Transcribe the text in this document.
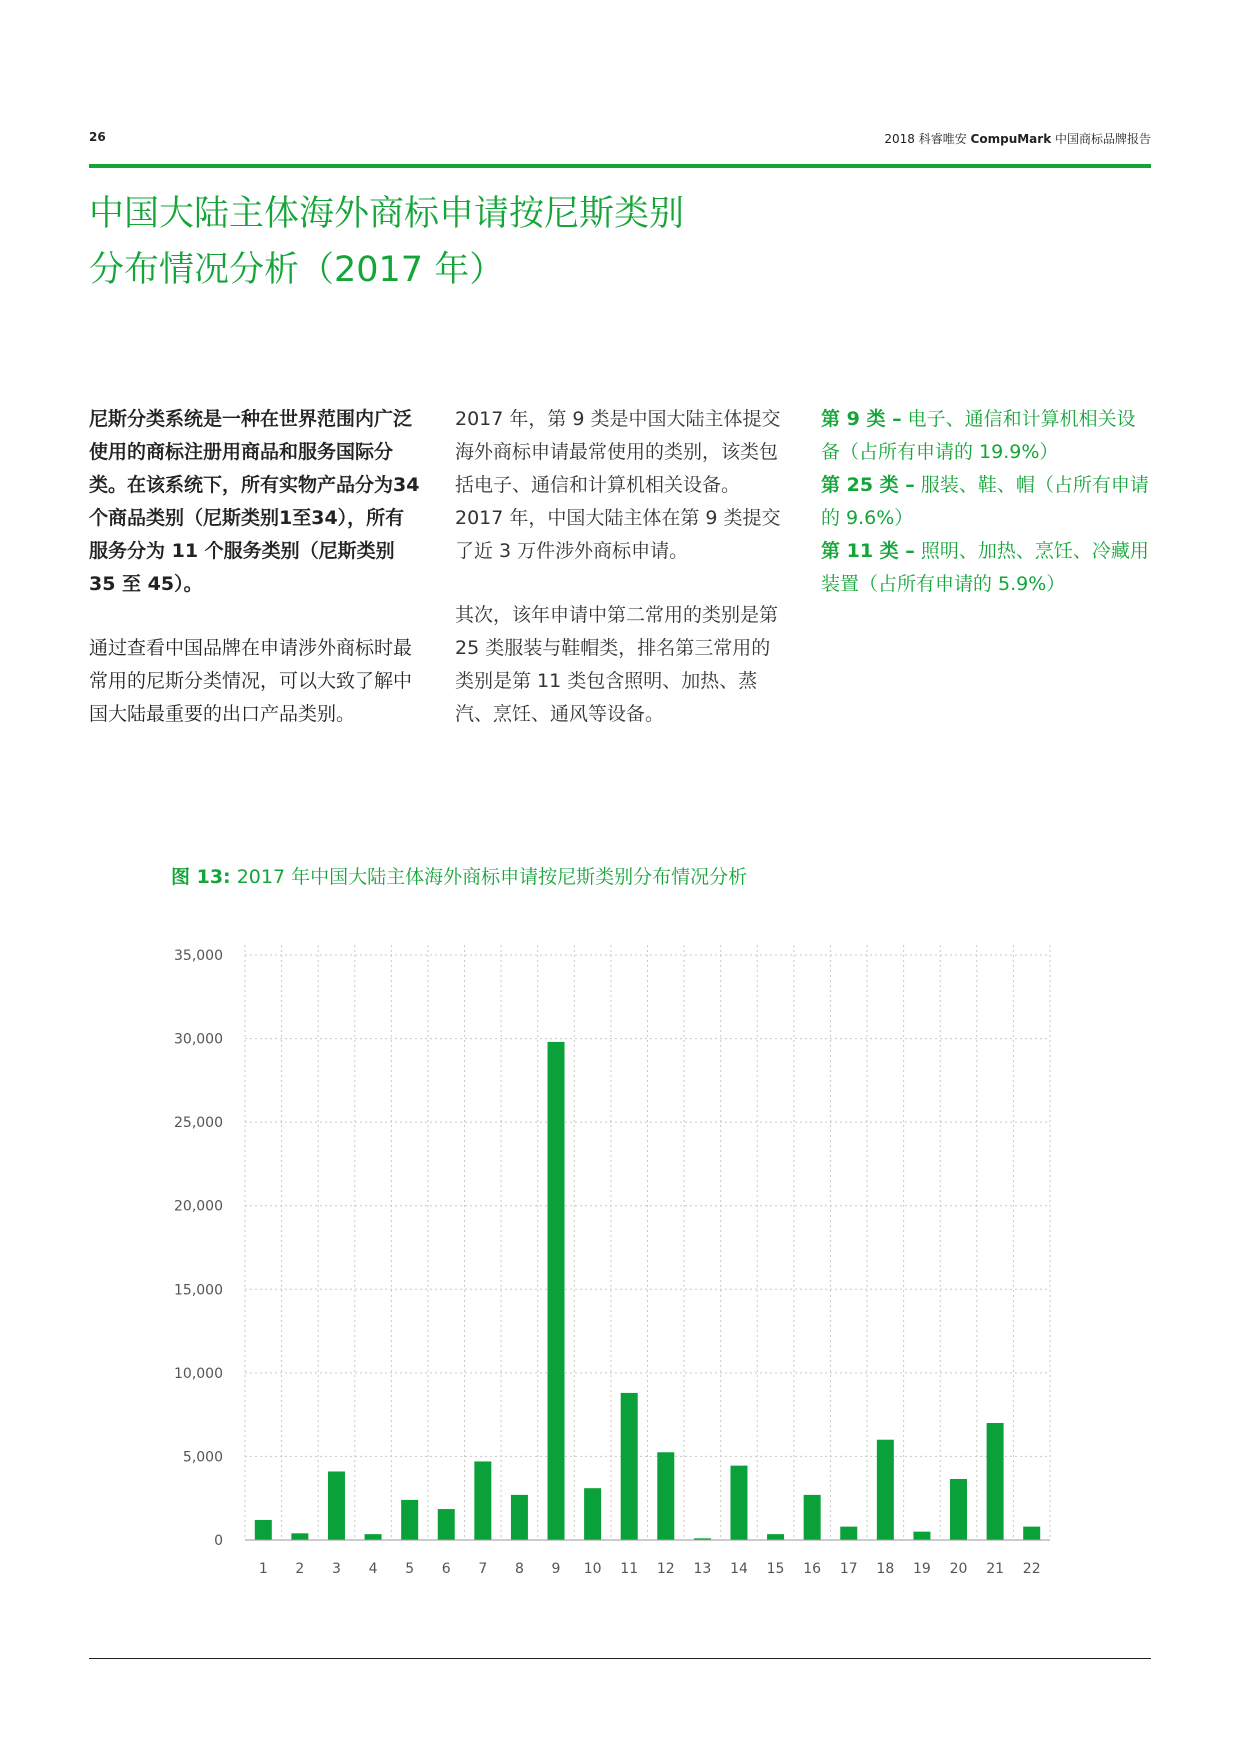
26	2018 科睿唯安 CompuMark 中国商标品牌报告
中国大陆主体海外商标申请按尼斯类别
分布情况分析（2017 年）

尼斯分类系统是一种在世界范围内广泛使用的商标注册用商品和服务国际分类。在该系统下，所有实物产品分为34个商品类别（尼斯类别1至34），所有服务分为 11 个服务类别（尼斯类别 35 至 45）。

通过查看中国品牌在申请涉外商标时最常用的尼斯分类情况，可以大致了解中国大陆最重要的出口产品类别。

2017 年，第 9 类是中国大陆主体提交海外商标申请最常使用的类别，该类包括电子、通信和计算机相关设备。2017 年，中国大陆主体在第 9 类提交了近 3 万件涉外商标申请。

其次，该年申请中第二常用的类别是第 25 类服装与鞋帽类，排名第三常用的类别是第 11 类包含照明、加热、蒸汽、烹饪、通风等设备。

第 9 类 – 电子、通信和计算机相关设备（占所有申请的 19.9%）

第 25 类 – 服装、鞋、帽（占所有申请的 9.6%）

第 11 类 – 照明、加热、烹饪、冷藏用装置（占所有申请的 5.9%）

图 13: 2017 年中国大陆主体海外商标申请按尼斯类别分布情况分析
0
5,000
10,000
15,000
20,000
25,000
30,000
35,000
1 2 3 4 5 6 7 8 9 10 11 12 13 14 15 16 17 18 19 20 21 22
